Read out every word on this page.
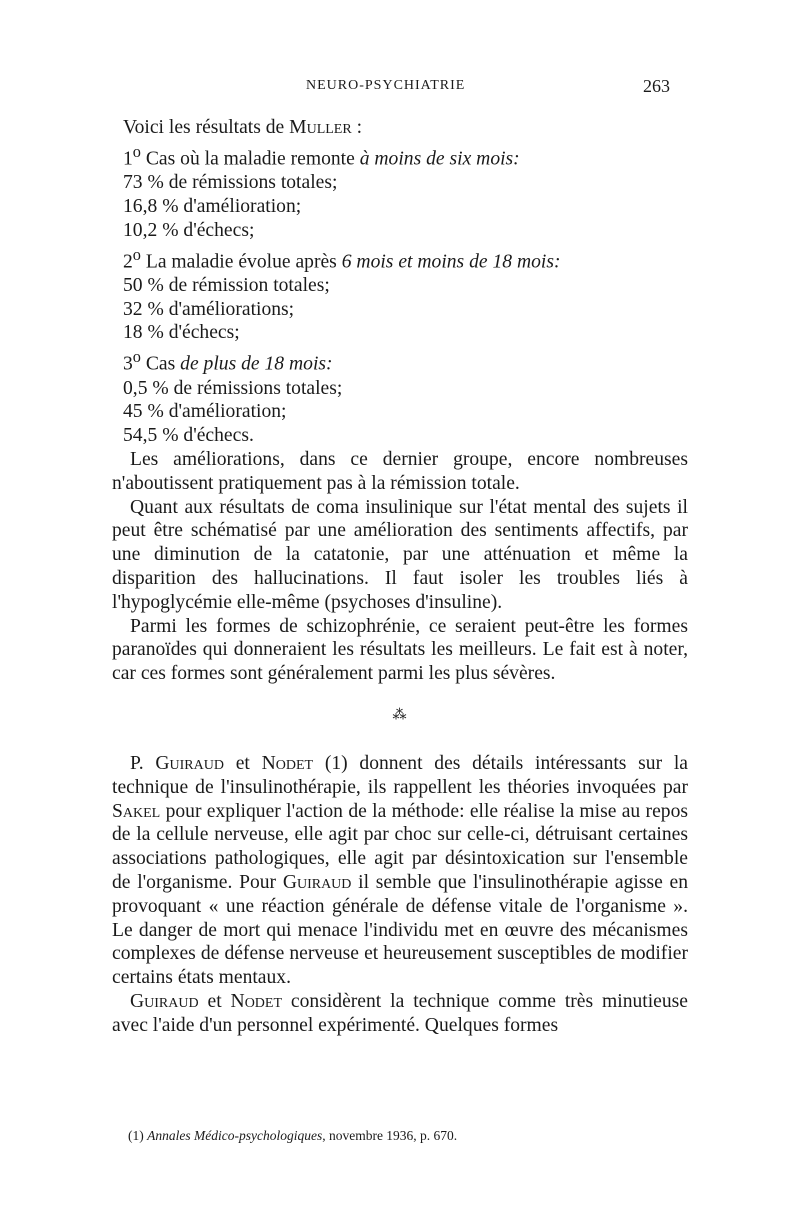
NEURO-PSYCHIATRIE	263
Voici les résultats de Muller :
1$^o$ Cas où la maladie remonte à moins de six mois:
73 % de rémissions totales;
16,8 % d'amélioration;
10,2 % d'échecs;
2$^o$ La maladie évolue après 6 mois et moins de 18 mois:
50 % de rémission totales;
32 % d'améliorations;
18 % d'échecs;
3$^o$ Cas de plus de 18 mois:
0,5 % de rémissions totales;
45 % d'amélioration;
54,5 % d'échecs.

Les améliorations, dans ce dernier groupe, encore nombreuses n'aboutissent pratiquement pas à la rémission totale.

Quant aux résultats de coma insulinique sur l'état mental des sujets il peut être schématisé par une amélioration des sentiments affectifs, par une diminution de la catatonie, par une atténuation et même la disparition des hallucinations. Il faut isoler les troubles liés à l'hypoglycémie elle-même (psychoses d'insuline).

Parmi les formes de schizophrénie, ce seraient peut-être les formes paranoïdes qui donneraient les résultats les meilleurs. Le fait est à noter, car ces formes sont généralement parmi les plus sévères.

⁂

P. Guiraud et Nodet (1) donnent des détails intéressants sur la technique de l'insulinothérapie, ils rappellent les théories invoquées par Sakel pour expliquer l'action de la méthode: elle réalise la mise au repos de la cellule nerveuse, elle agit par choc sur celle-ci, détruisant certaines associations pathologiques, elle agit par désintoxication sur l'ensemble de l'organisme. Pour Guiraud il semble que l'insulinothérapie agisse en provoquant « une réaction générale de défense vitale de l'organisme ». Le danger de mort qui menace l'individu met en œuvre des mécanismes complexes de défense nerveuse et heureusement susceptibles de modifier certains états mentaux.

Guiraud et Nodet considèrent la technique comme très minutieuse avec l'aide d'un personnel expérimenté. Quelques formes

(1) Annales Médico-psychologiques, novembre 1936, p. 670.
